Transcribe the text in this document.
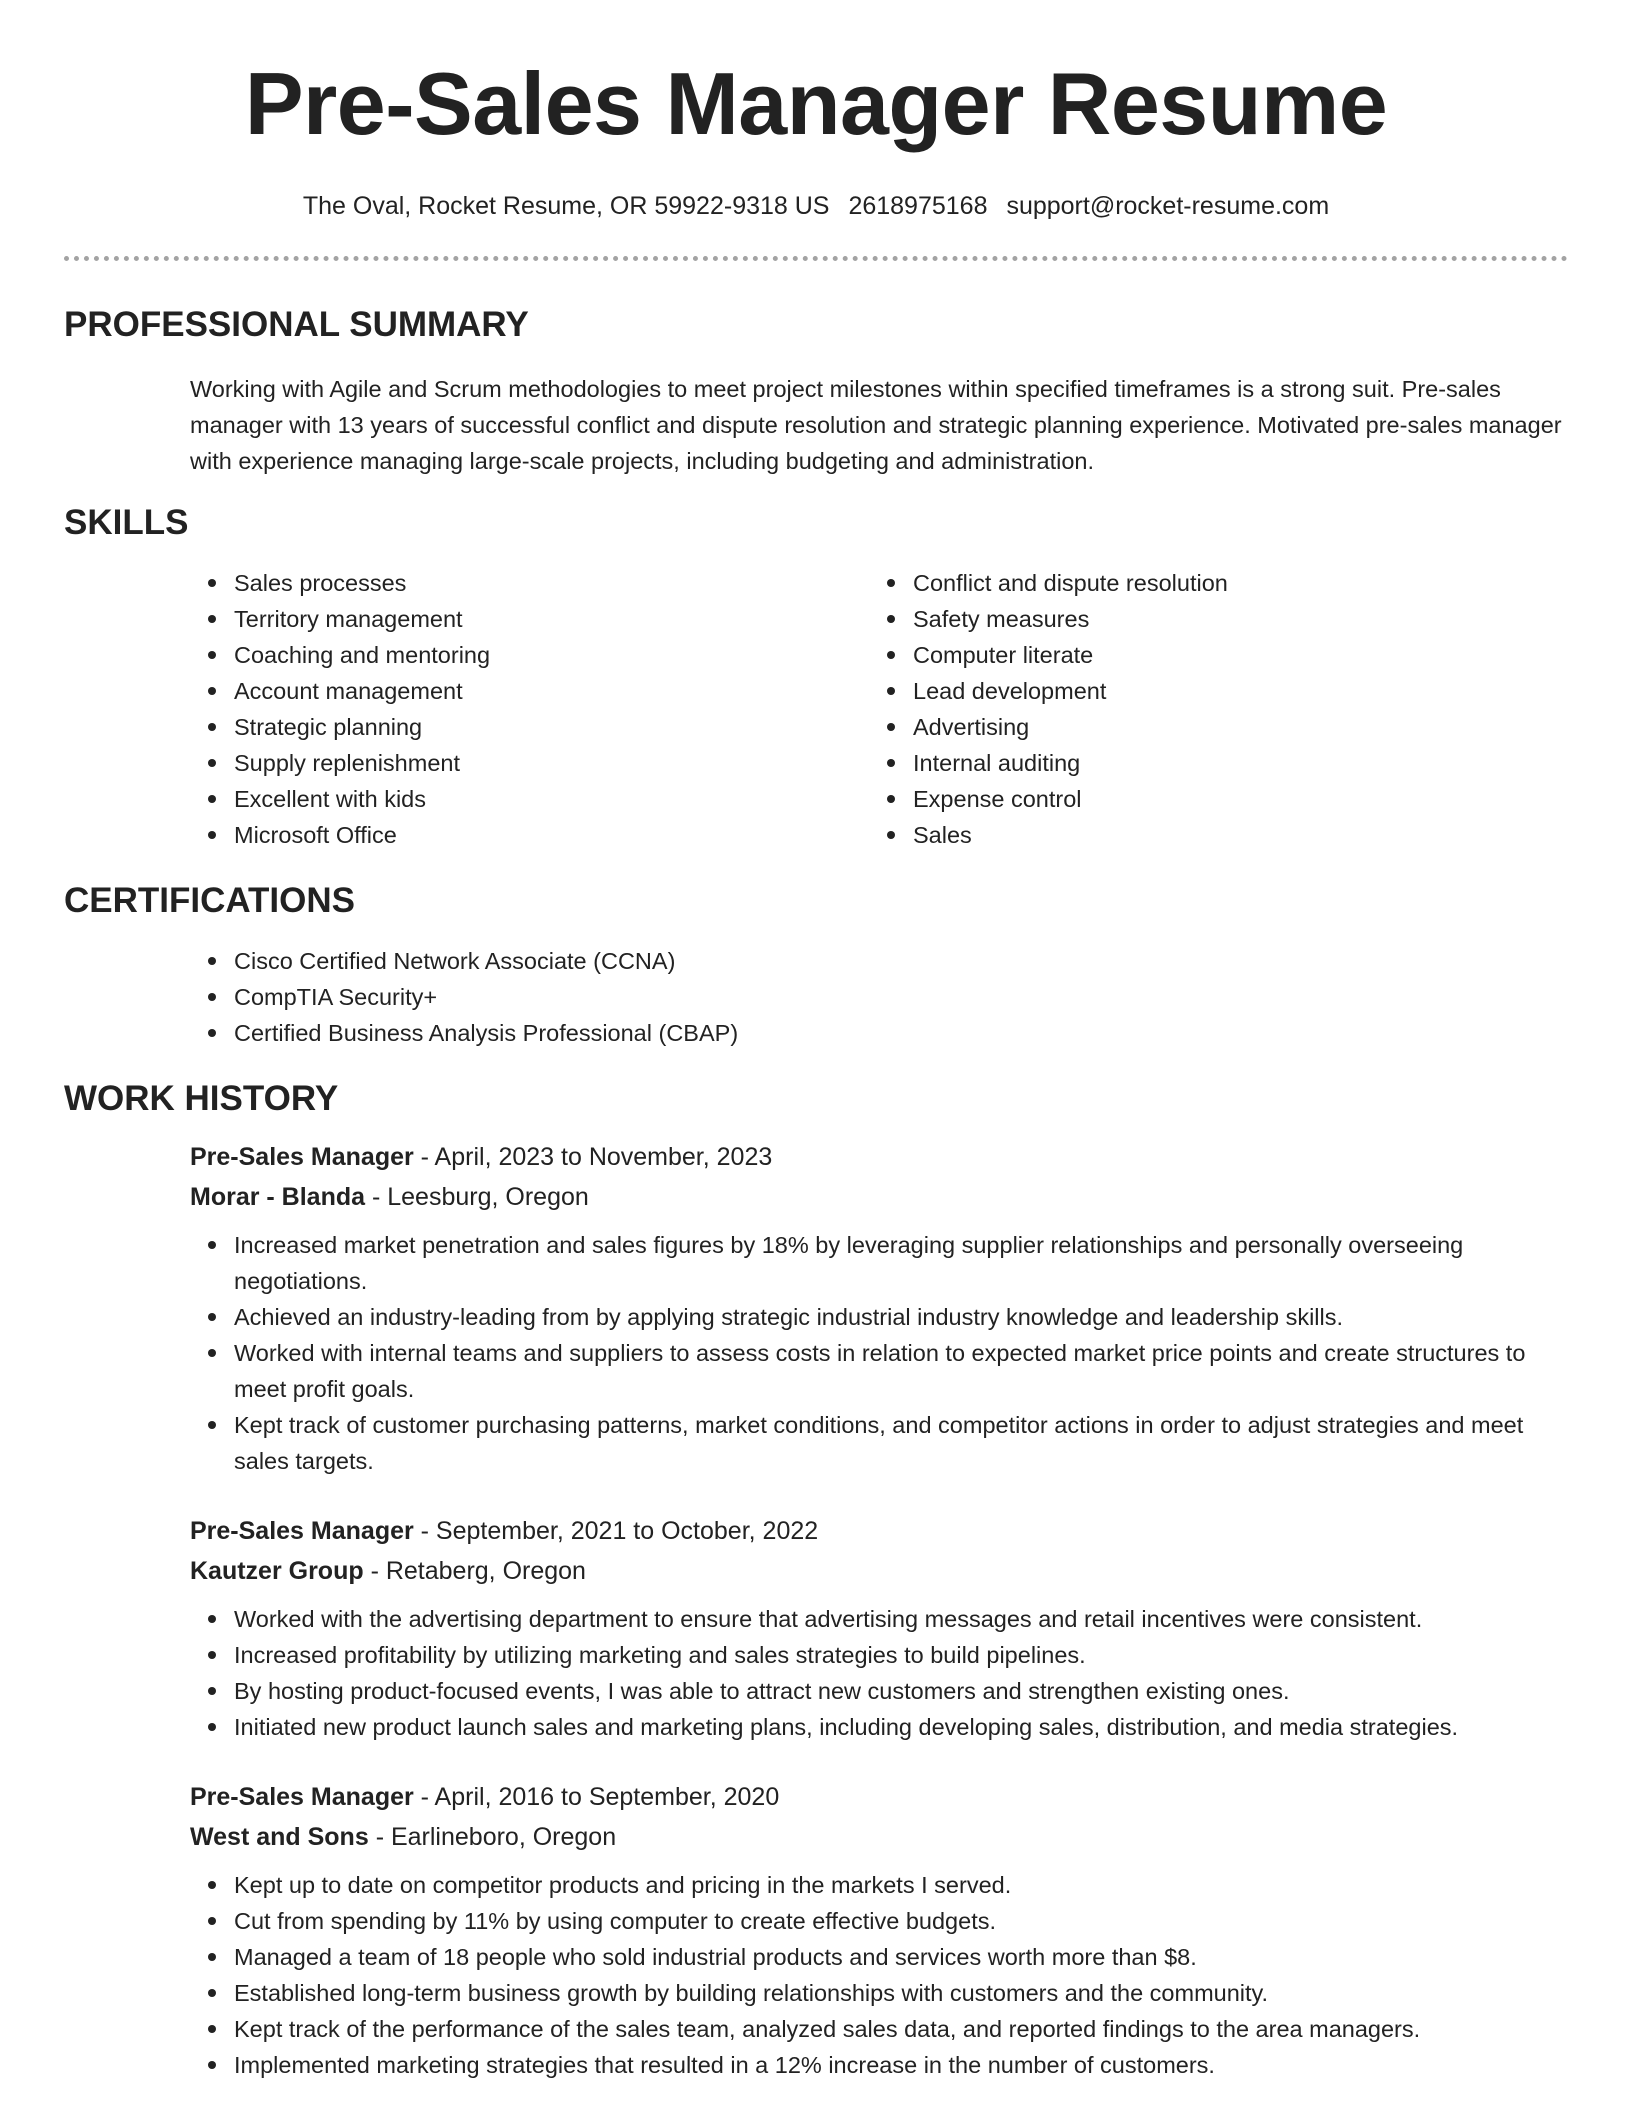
Pre-Sales Manager Resume
The Oval, Rocket Resume, OR 59922-9318 US 2618975168 support@rocket-resume.com
PROFESSIONAL SUMMARY

Working with Agile and Scrum methodologies to meet project milestones within specified timeframes is a strong suit. Pre-sales manager with 13 years of successful conflict and dispute resolution and strategic planning experience. Motivated pre-sales manager with experience managing large-scale projects, including budgeting and administration.

SKILLS
Sales processes
Territory management
Coaching and mentoring
Account management
Strategic planning
Supply replenishment
Excellent with kids
Microsoft Office
Conflict and dispute resolution
Safety measures
Computer literate
Lead development
Advertising
Internal auditing
Expense control
Sales
CERTIFICATIONS
Cisco Certified Network Associate (CCNA)
CompTIA Security+
Certified Business Analysis Professional (CBAP)
WORK HISTORY
Pre-Sales Manager - April, 2023 to November, 2023
Morar - Blanda - Leesburg, Oregon
Increased market penetration and sales figures by 18% by leveraging supplier relationships and personally overseeing negotiations.
Achieved an industry-leading from by applying strategic industrial industry knowledge and leadership skills.
Worked with internal teams and suppliers to assess costs in relation to expected market price points and create structures to meet profit goals.
Kept track of customer purchasing patterns, market conditions, and competitor actions in order to adjust strategies and meet sales targets.
Pre-Sales Manager - September, 2021 to October, 2022
Kautzer Group - Retaberg, Oregon
Worked with the advertising department to ensure that advertising messages and retail incentives were consistent.
Increased profitability by utilizing marketing and sales strategies to build pipelines.
By hosting product-focused events, I was able to attract new customers and strengthen existing ones.
Initiated new product launch sales and marketing plans, including developing sales, distribution, and media strategies.
Pre-Sales Manager - April, 2016 to September, 2020
West and Sons - Earlineboro, Oregon
Kept up to date on competitor products and pricing in the markets I served.
Cut from spending by 11% by using computer to create effective budgets.
Managed a team of 18 people who sold industrial products and services worth more than $8.
Established long-term business growth by building relationships with customers and the community.
Kept track of the performance of the sales team, analyzed sales data, and reported findings to the area managers.
Implemented marketing strategies that resulted in a 12% increase in the number of customers.
